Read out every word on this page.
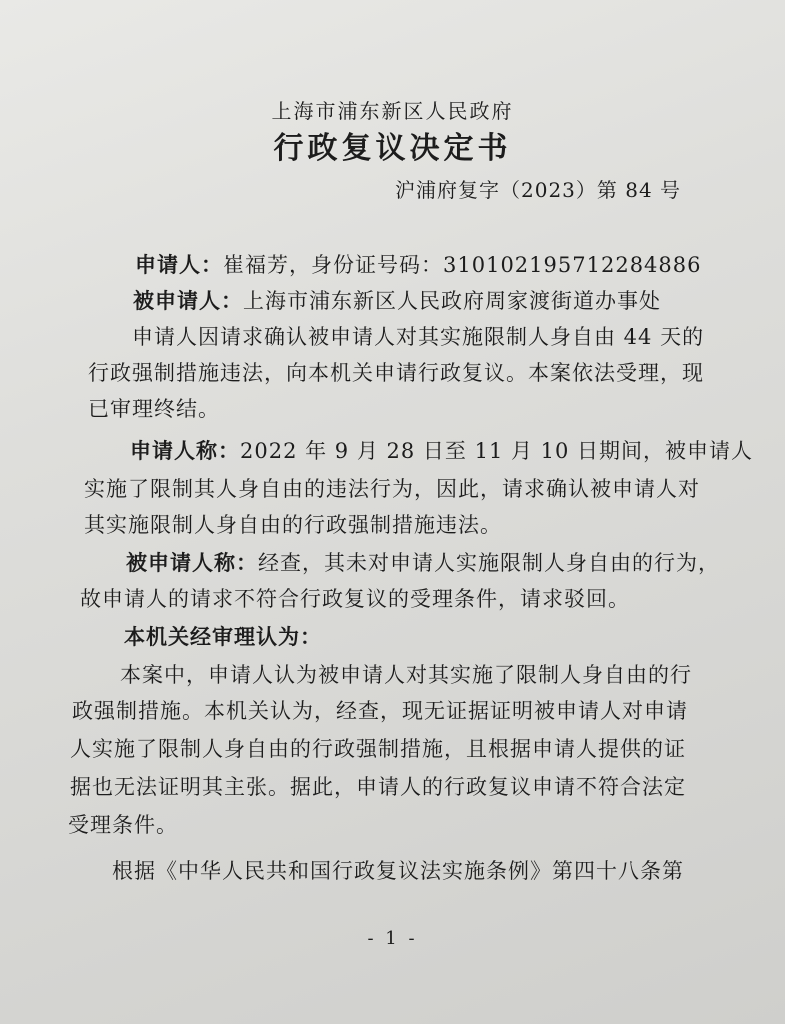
上海市浦东新区人民政府
行政复议决定书
沪浦府复字（2023）第 84 号
申请人：崔福芳，身份证号码：310102195712284886
被申请人：上海市浦东新区人民政府周家渡街道办事处
申请人因请求确认被申请人对其实施限制人身自由 44 天的
行政强制措施违法，向本机关申请行政复议。本案依法受理，现
已审理终结。
申请人称：2022 年 9 月 28 日至 11 月 10 日期间，被申请人
实施了限制其人身自由的违法行为，因此，请求确认被申请人对
其实施限制人身自由的行政强制措施违法。
被申请人称：经查，其未对申请人实施限制人身自由的行为，
故申请人的请求不符合行政复议的受理条件，请求驳回。
本机关经审理认为：
本案中，申请人认为被申请人对其实施了限制人身自由的行
政强制措施。本机关认为，经查，现无证据证明被申请人对申请
人实施了限制人身自由的行政强制措施，且根据申请人提供的证
据也无法证明其主张。据此，申请人的行政复议申请不符合法定
受理条件。
根据《中华人民共和国行政复议法实施条例》第四十八条第
- 1 -
